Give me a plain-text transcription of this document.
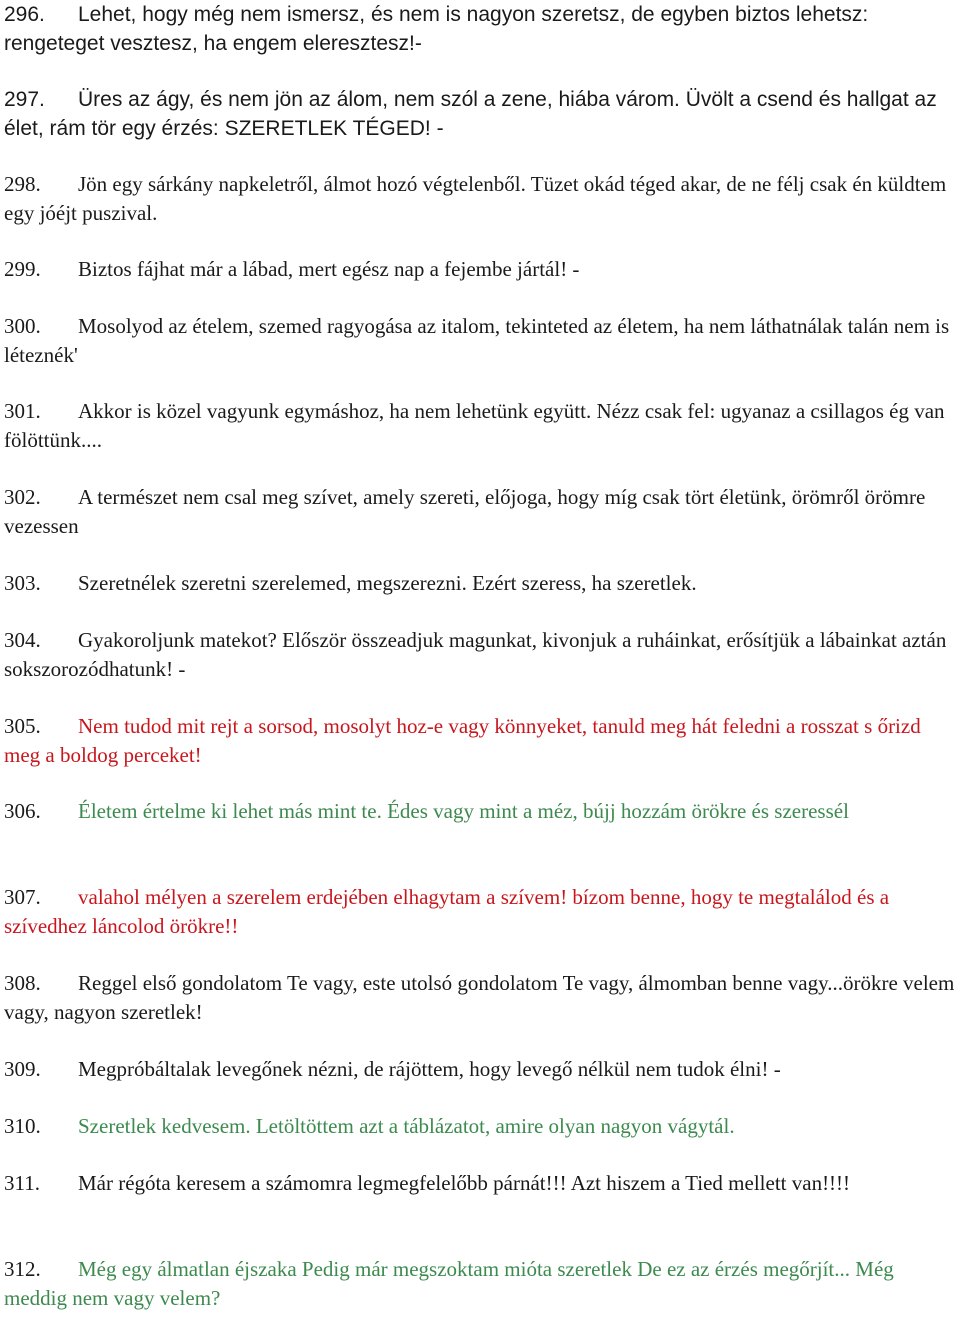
296. Lehet, hogy még nem ismersz, és nem is nagyon szeretsz, de egyben biztos lehetsz: rengeteget vesztesz, ha engem elereszteszǃ-
297. Üres az ágy, és nem jön az álom, nem szól a zene, hiába várom. Üvölt a csend és hallgat az élet, rám tör egy érzés: SZERETLEK TÉGED! -
298. Jön egy sárkány napkeletről, álmot hozó végtelenből. Tüzet okád téged akar, de ne félj csak én küldtem egy jóéjt puszival.
299. Biztos fájhat már a lábad, mert egész nap a fejembe jártál! -
300. Mosolyod az ételem, szemed ragyogása az italom, tekinteted az életem, ha nem láthatnálak talán nem is léteznék'
301. Akkor is közel vagyunk egymáshoz, ha nem lehetünk együtt. Nézz csak fel: ugyanaz a csillagos ég van fölöttünk....
302. A természet nem csal meg szívet, amely szereti, előjoga, hogy míg csak tört életünk, örömről örömre vezessen
303. Szeretnélek szeretni szerelemed, megszerezni. Ezért szeress, ha szeretlek.
304. Gyakoroljunk matekot? Először összeadjuk magunkat, kivonjuk a ruháinkat, erősítjük a lábainkat aztán sokszorozódhatunk! -
305. Nem tudod mit rejt a sorsod, mosolyt hoz-e vagy könnyeket, tanuld meg hát feledni a rosszat s őrizd meg a boldog perceket!
306. Életem értelme ki lehet más mint te. Édes vagy mint a méz, bújj hozzám örökre és szeressél
307. valahol mélyen a szerelem erdejében elhagytam a szívem! bízom benne, hogy te megtalálod és a szívedhez láncolod örökre!!
308. Reggel első gondolatom Te vagy, este utolsó gondolatom Te vagy, álmomban benne vagy...örökre velem vagy, nagyon szeretlek!
309. Megpróbáltalak levegőnek nézni, de rájöttem, hogy levegő nélkül nem tudok élni! -
310. Szeretlek kedvesem. Letöltöttem azt a táblázatot, amire olyan nagyon vágytál.
311. Már régóta keresem a számomra legmegfelelőbb párnát!!! Azt hiszem a Tied mellett van!!!!
312. Még egy álmatlan éjszaka Pedig már megszoktam mióta szeretlek De ez az érzés megőrjít... Még meddig nem vagy velem?
